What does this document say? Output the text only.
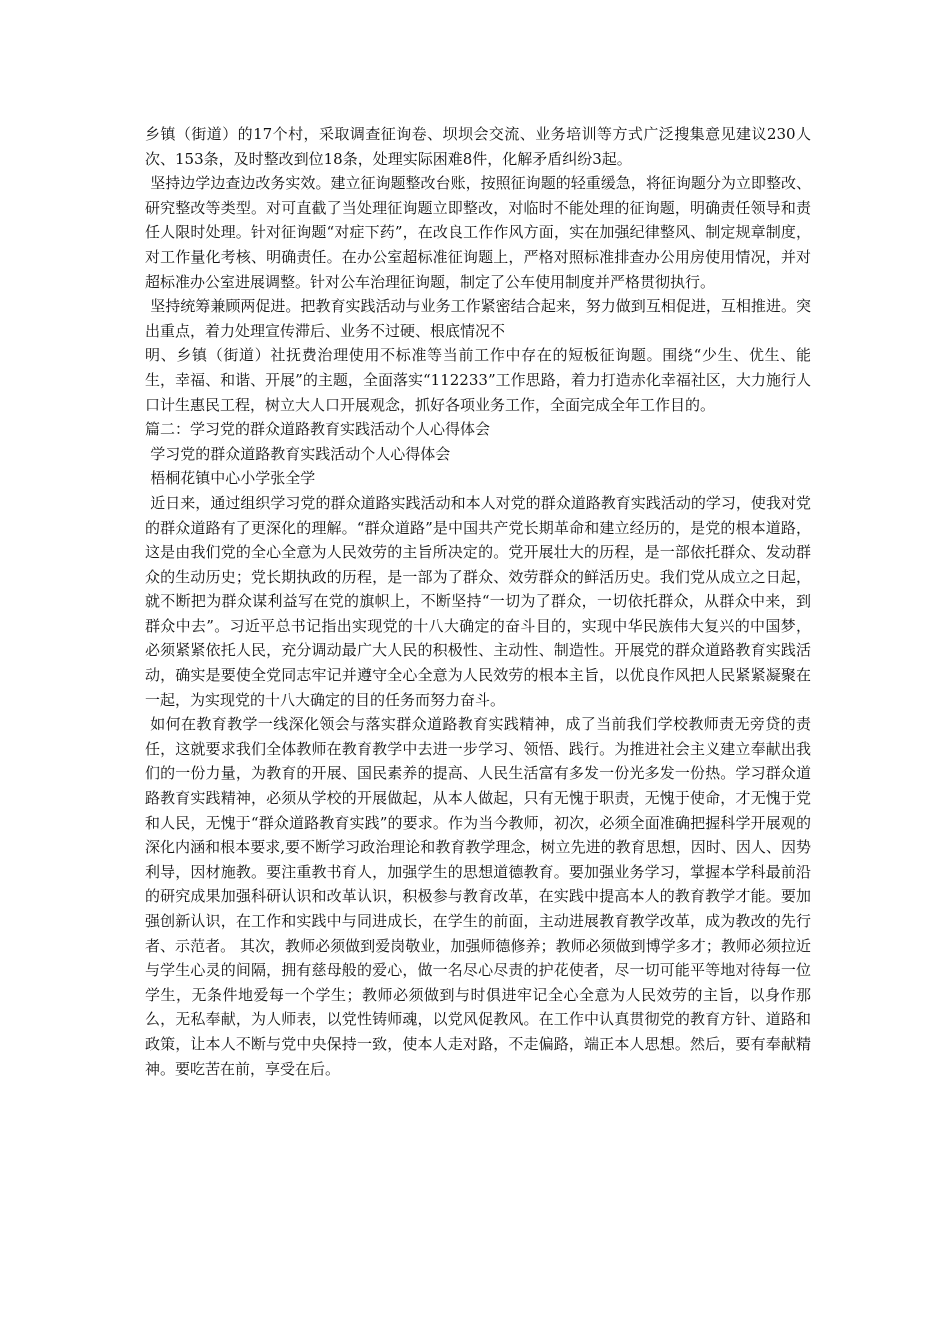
乡镇（街道）的17个村，采取调查征询卷、坝坝会交流、业务培训等方式广泛搜集意见建议230人次、153条，及时整改到位18条，处理实际困难8件，化解矛盾纠纷3起。

坚持边学边查边改务实效。建立征询题整改台账，按照征询题的轻重缓急，将征询题分为立即整改、研究整改等类型。对可直截了当处理征询题立即整改，对临时不能处理的征询题，明确责任领导和责任人限时处理。针对征询题“对症下药”，在改良工作作风方面，实在加强纪律整风、制定规章制度，对工作量化考核、明确责任。在办公室超标准征询题上，严格对照标准排查办公用房使用情况，并对超标准办公室进展调整。针对公车治理征询题，制定了公车使用制度并严格贯彻执行。

坚持统筹兼顾两促进。把教育实践活动与业务工作紧密结合起来，努力做到互相促进，互相推进。突出重点，着力处理宣传滞后、业务不过硬、根底情况不

明、乡镇（街道）社抚费治理使用不标准等当前工作中存在的短板征询题。围绕“少生、优生、能生，幸福、和谐、开展”的主题，全面落实“112233”工作思路，着力打造赤化幸福社区，大力施行人口计生惠民工程，树立大人口开展观念，抓好各项业务工作，全面完成全年工作目的。

篇二：学习党的群众道路教育实践活动个人心得体会

学习党的群众道路教育实践活动个人心得体会

梧桐花镇中心小学张全学

近日来，通过组织学习党的群众道路实践活动和本人对党的群众道路教育实践活动的学习，使我对党的群众道路有了更深化的理解。“群众道路”是中国共产党长期革命和建立经历的，是党的根本道路，这是由我们党的全心全意为人民效劳的主旨所决定的。党开展壮大的历程，是一部依托群众、发动群众的生动历史；党长期执政的历程，是一部为了群众、效劳群众的鲜活历史。我们党从成立之日起，就不断把为群众谋利益写在党的旗帜上，不断坚持“一切为了群众，一切依托群众，从群众中来，到群众中去”。习近平总书记指出实现党的十八大确定的奋斗目的，实现中华民族伟大复兴的中国梦，必须紧紧依托人民，充分调动最广大人民的积极性、主动性、制造性。开展党的群众道路教育实践活动，确实是要使全党同志牢记并遵守全心全意为人民效劳的根本主旨，以优良作风把人民紧紧凝聚在一起，为实现党的十八大确定的目的任务而努力奋斗。

如何在教育教学一线深化领会与落实群众道路教育实践精神，成了当前我们学校教师责无旁贷的责任，这就要求我们全体教师在教育教学中去进一步学习、领悟、践行。为推进社会主义建立奉献出我们的一份力量，为教育的开展、国民素养的提高、人民生活富有多发一份光多发一份热。学习群众道路教育实践精神，必须从学校的开展做起，从本人做起，只有无愧于职责，无愧于使命，才无愧于党和人民，无愧于“群众道路教育实践”的要求。作为当今教师，初次，必须全面准确把握科学开展观的深化内涵和根本要求,要不断学习政治理论和教育教学理念，树立先进的教育思想，因时、因人、因势利导，因材施教。要注重教书育人，加强学生的思想道德教育。要加强业务学习，掌握本学科最前沿的研究成果加强科研认识和改革认识，积极参与教育改革，在实践中提高本人的教育教学才能。要加强创新认识，在工作和实践中与同进成长，在学生的前面，主动进展教育教学改革，成为教改的先行者、示范者。 其次，教师必须做到爱岗敬业，加强师德修养；教师必须做到博学多才；教师必须拉近与学生心灵的间隔，拥有慈母般的爱心，做一名尽心尽责的护花使者，尽一切可能平等地对待每一位学生，无条件地爱每一个学生；教师必须做到与时俱进牢记全心全意为人民效劳的主旨，以身作那么，无私奉献，为人师表，以党性铸师魂，以党风促教风。在工作中认真贯彻党的教育方针、道路和政策，让本人不断与党中央保持一致，使本人走对路，不走偏路，端正本人思想。然后，要有奉献精神。要吃苦在前，享受在后。
